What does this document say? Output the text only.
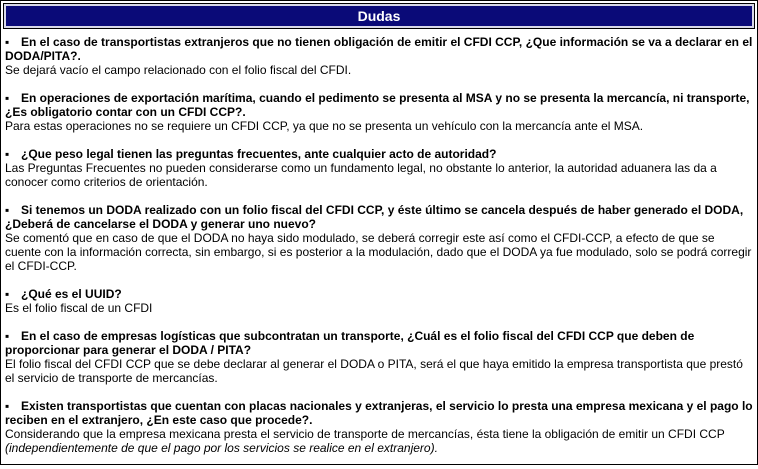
Dudas
▪ En el caso de transportistas extranjeros que no tienen obligación de emitir el CFDI CCP, ¿Que información se va a declarar en el DODA/PITA?.
Se dejará vacío el campo relacionado con el folio fiscal del CFDI.
▪ En operaciones de exportación marítima, cuando el pedimento se presenta al MSA y no se presenta la mercancía, ni transporte, ¿Es obligatorio contar con un CFDI CCP?.
Para estas operaciones no se requiere un CFDI CCP, ya que no se presenta un vehículo con la mercancía ante el MSA.
▪ ¿Que peso legal tienen las preguntas frecuentes, ante cualquier acto de autoridad?
Las Preguntas Frecuentes no pueden considerarse como un fundamento legal, no obstante lo anterior, la autoridad aduanera las da a conocer como criterios de orientación.
▪ Si tenemos un DODA realizado con un folio fiscal del CFDI CCP, y éste último se cancela después de haber generado el DODA, ¿Deberá de cancelarse el DODA y generar uno nuevo?
Se comentó que en caso de que el DODA no haya sido modulado, se deberá corregir este así como el CFDI-CCP, a efecto de que se cuente con la información correcta, sin embargo, si es posterior a la modulación, dado que el DODA ya fue modulado, solo se podrá corregir el CFDI-CCP.
▪ ¿Qué es el UUID?
Es el folio fiscal de un CFDI
▪ En el caso de empresas logísticas que subcontratan un transporte, ¿Cuál es el folio fiscal del CFDI CCP que deben de proporcionar para generar el DODA / PITA?
El folio fiscal del CFDI CCP que se debe declarar al generar el DODA o PITA, será el que haya emitido la empresa transportista que prestó el servicio de transporte de mercancías.
▪ Existen transportistas que cuentan con placas nacionales y extranjeras, el servicio lo presta una empresa mexicana y el pago lo reciben en el extranjero, ¿En este caso que procede?.
Considerando que la empresa mexicana presta el servicio de transporte de mercancías, ésta tiene la obligación de emitir un CFDI CCP
(independientemente de que el pago por los servicios se realice en el extranjero).
